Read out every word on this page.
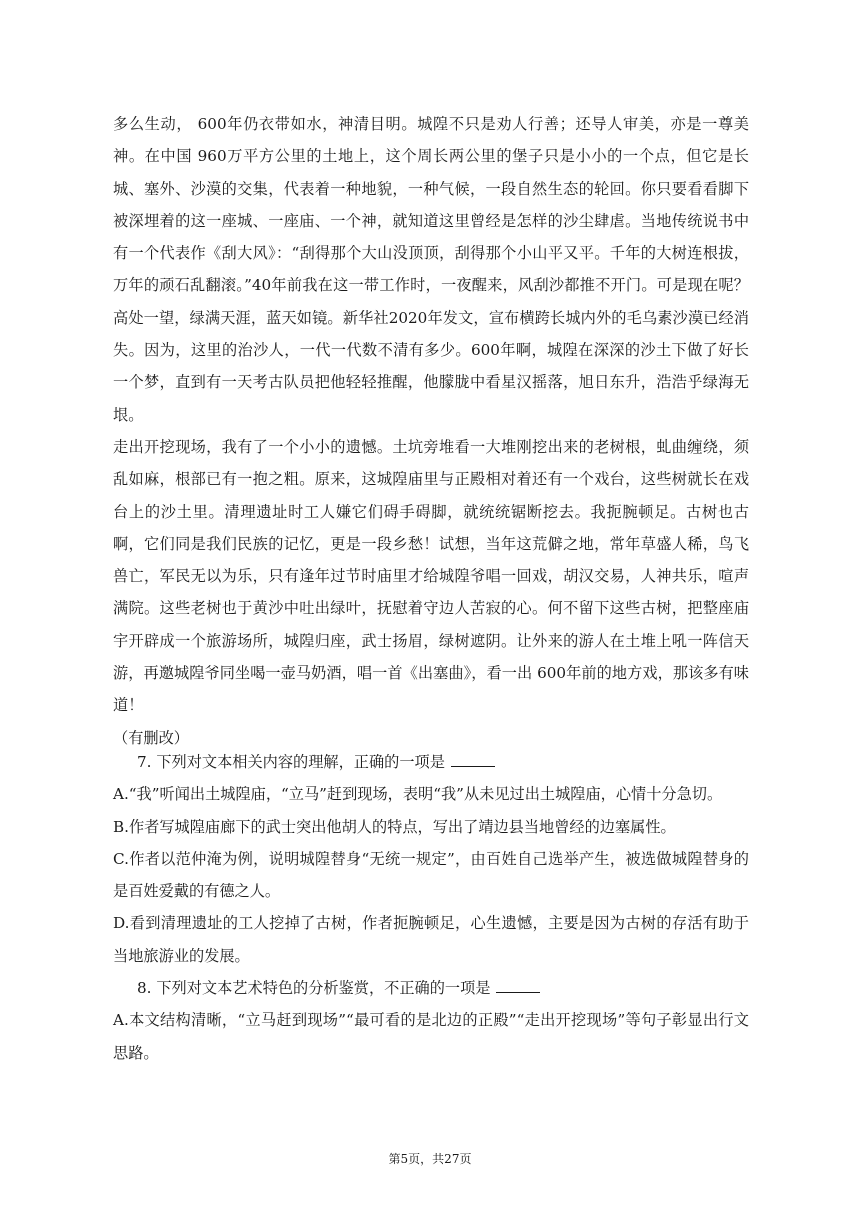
多么生动， 600年仍衣带如水，神清目明。城隍不只是劝人行善；还导人审美，亦是一尊美神。在中国 960万平方公里的土地上，这个周长两公里的堡子只是小小的一个点，但它是长城、塞外、沙漠的交集，代表着一种地貌，一种气候，一段自然生态的轮回。你只要看看脚下被深埋着的这一座城、一座庙、一个神，就知道这里曾经是怎样的沙尘肆虐。当地传统说书中有一个代表作《刮大风》：“刮得那个大山没顶顶，刮得那个小山平又平。千年的大树连根拔，万年的顽石乱翻滚。”40年前我在这一带工作时，一夜醒来，风刮沙都推不开门。可是现在呢？高处一望，绿满天涯，蓝天如镜。新华社2020年发文，宣布横跨长城内外的毛乌素沙漠已经消失。因为，这里的治沙人，一代一代数不清有多少。600年啊，城隍在深深的沙土下做了好长一个梦，直到有一天考古队员把他轻轻推醒，他朦胧中看星汉摇落，旭日东升，浩浩乎绿海无垠。

走出开挖现场，我有了一个小小的遗憾。土坑旁堆看一大堆刚挖出来的老树根，虬曲缠绕，须乱如麻，根部已有一抱之粗。原来，这城隍庙里与正殿相对着还有一个戏台，这些树就长在戏台上的沙土里。清理遗址时工人嫌它们碍手碍脚，就统统锯断挖去。我扼腕顿足。古树也古啊，它们同是我们民族的记忆，更是一段乡愁！试想，当年这荒僻之地，常年草盛人稀，鸟飞兽亡，军民无以为乐，只有逢年过节时庙里才给城隍爷唱一回戏，胡汉交易，人神共乐，喧声满院。这些老树也于黄沙中吐出绿叶，抚慰着守边人苦寂的心。何不留下这些古树，把整座庙宇开辟成一个旅游场所，城隍归座，武士扬眉，绿树遮阴。让外来的游人在土堆上吼一阵信天游，再邀城隍爷同坐喝一壶马奶酒，唱一首《出塞曲》，看一出 600年前的地方戏，那该多有味道！

（有删改）

7. 下列对文本相关内容的理解，正确的一项是

A.“我”听闻出土城隍庙，“立马”赶到现场，表明“我”从未见过出土城隍庙，心情十分急切。

B.作者写城隍庙廊下的武士突出他胡人的特点，写出了靖边县当地曾经的边塞属性。

C.作者以范仲淹为例，说明城隍替身“无统一规定”，由百姓自己选举产生，被选做城隍替身的是百姓爱戴的有德之人。

D.看到清理遗址的工人挖掉了古树，作者扼腕顿足，心生遗憾，主要是因为古树的存活有助于当地旅游业的发展。

8. 下列对文本艺术特色的分析鉴赏，不正确的一项是

A.本文结构清晰，“立马赶到现场”“最可看的是北边的正殿”“走出开挖现场”等句子彰显出行文思路。

第5页，共27页
